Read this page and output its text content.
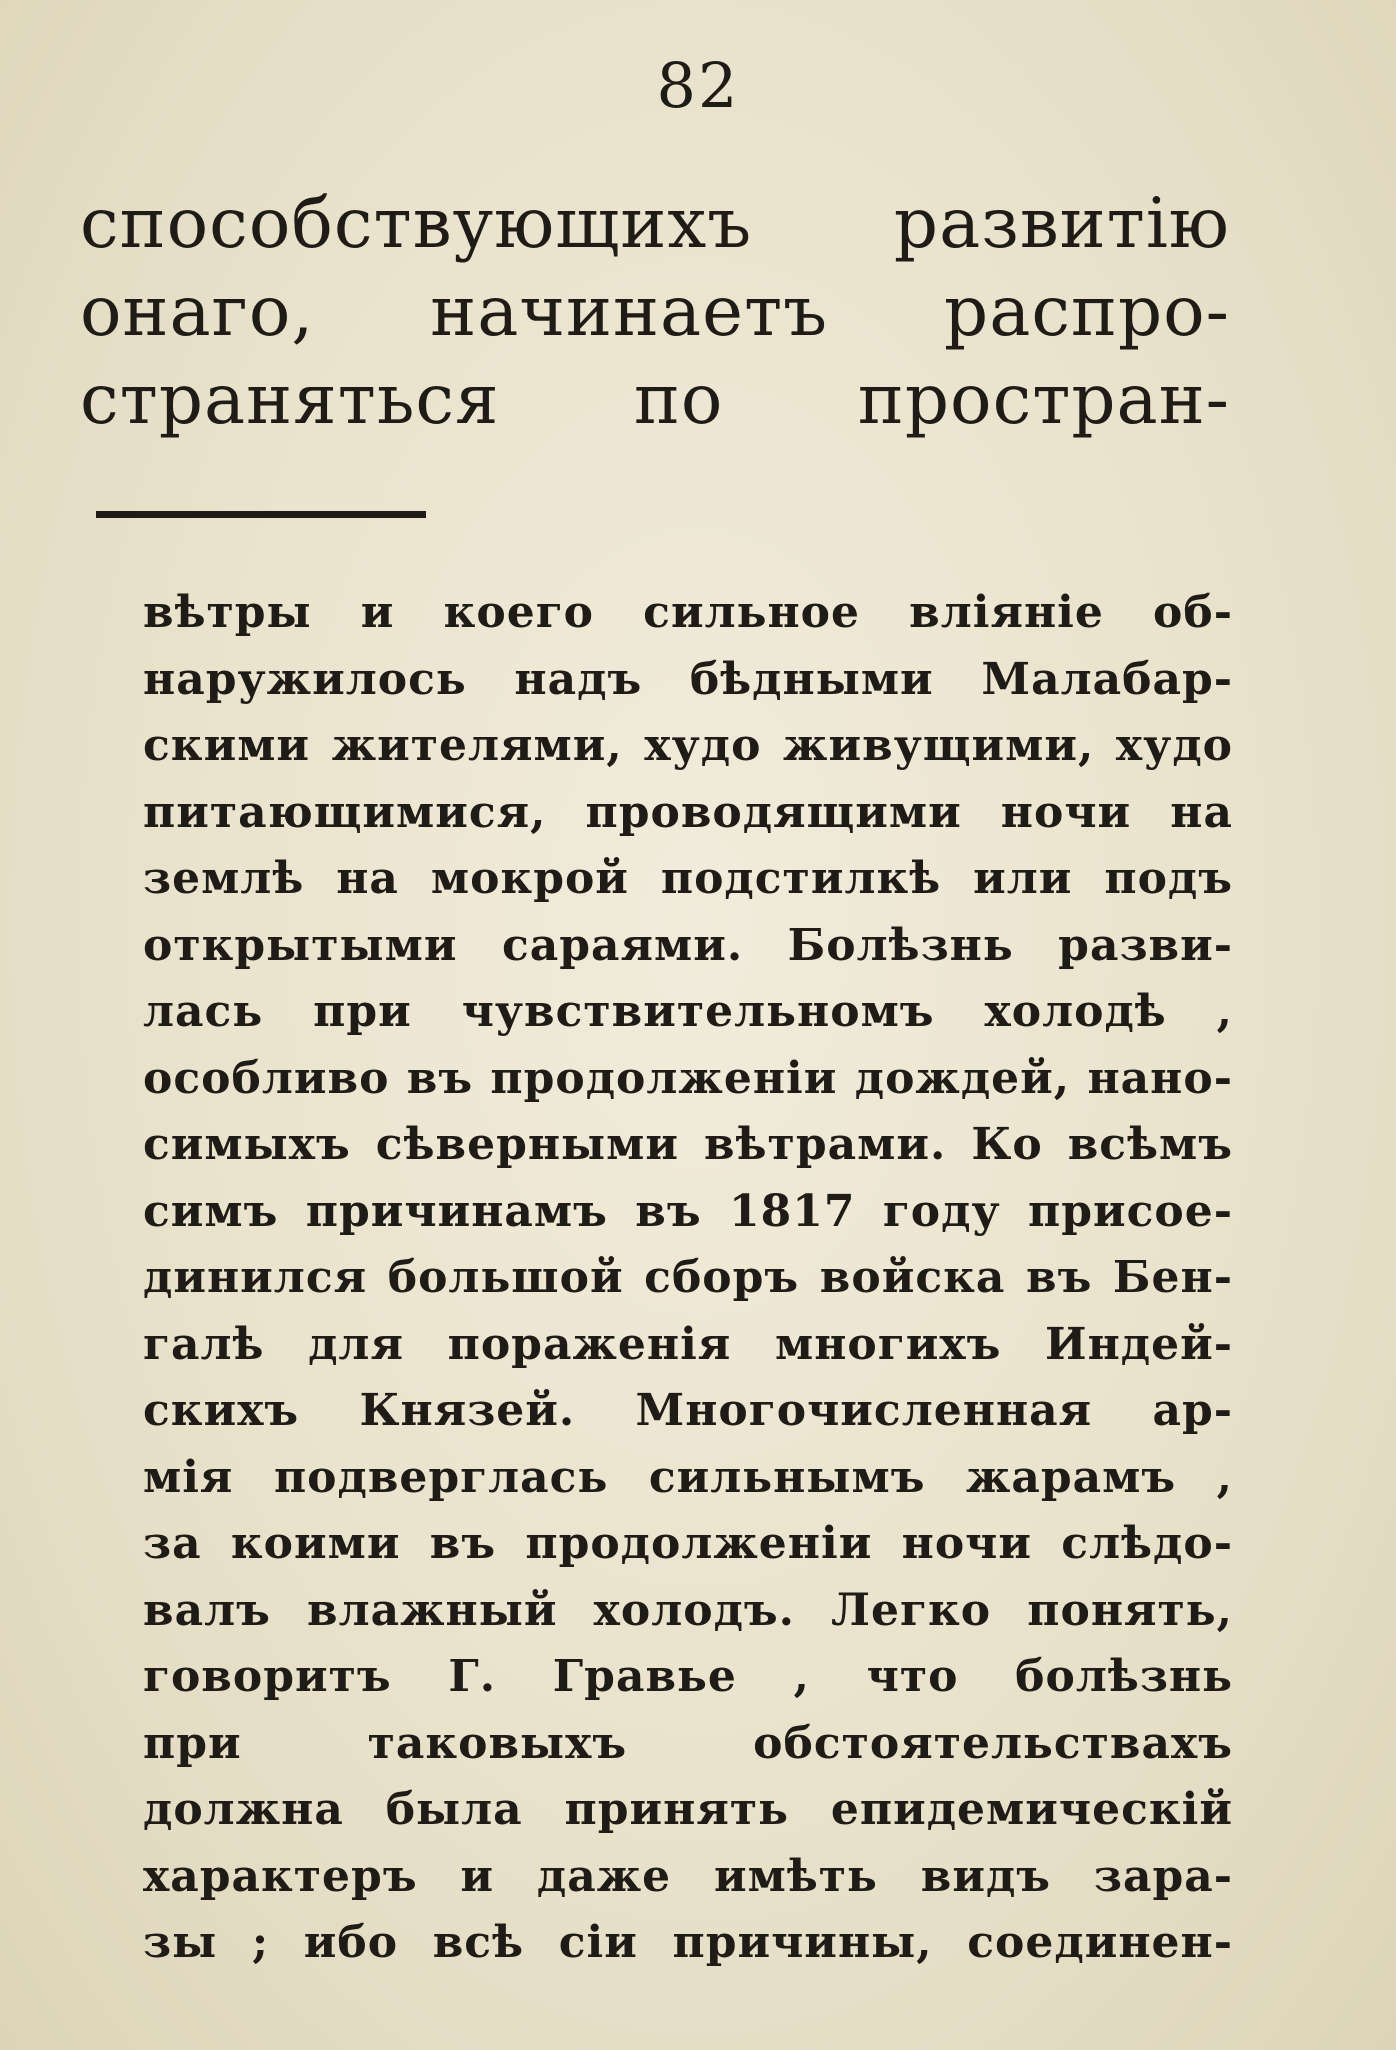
82
способствующихъ развитію
онаго, начинаетъ распро-
страняться по простран-
вѣтры и коего сильное вліяніе об-
наружилось надъ бѣдными Малабар-
скими жителями, худо живущими, худо
питающимися, проводящими ночи на
землѣ на мокрой подстилкѣ или подъ
открытыми сараями. Болѣзнь разви-
лась при чувствительномъ холодѣ ,
особливо въ продолженіи дождей, нано-
симыхъ сѣверными вѣтрами. Ко всѣмъ
симъ причинамъ въ 1817 году присое-
динился большой сборъ войска въ Бен-
галѣ для пораженія многихъ Индей-
скихъ Князей. Многочисленная ар-
мія подверглась сильнымъ жарамъ ,
за коими въ продолженіи ночи слѣдо-
валъ влажный холодъ. Легко понять,
говоритъ Г. Гравье , что болѣзнь
при таковыхъ обстоятельствахъ
должна была принять епидемическій
характеръ и даже имѣть видъ зара-
зы ; ибо всѣ сіи причины, соединен-
